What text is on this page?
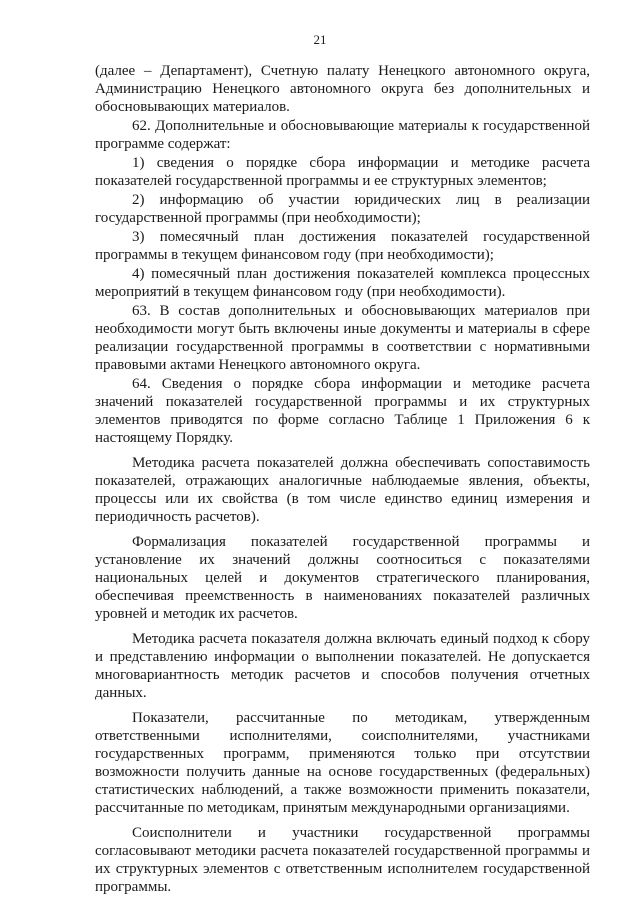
21

(далее – Департамент), Счетную палату Ненецкого автономного округа, Администрацию Ненецкого автономного округа без дополнительных и обосновывающих материалов.

62. Дополнительные и обосновывающие материалы к государственной программе содержат:

1) сведения о порядке сбора информации и методике расчета показателей государственной программы и ее структурных элементов;

2) информацию об участии юридических лиц в реализации государственной программы (при необходимости);

3) помесячный план достижения показателей государственной программы в текущем финансовом году (при необходимости);

4) помесячный план достижения показателей комплекса процессных мероприятий в текущем финансовом году (при необходимости).

63. В состав дополнительных и обосновывающих материалов при необходимости могут быть включены иные документы и материалы в сфере реализации государственной программы в соответствии с нормативными правовыми актами Ненецкого автономного округа.

64. Сведения о порядке сбора информации и методике расчета значений показателей государственной программы и их структурных элементов приводятся по форме согласно Таблице 1 Приложения 6 к настоящему Порядку.

Методика расчета показателей должна обеспечивать сопоставимость показателей, отражающих аналогичные наблюдаемые явления, объекты, процессы или их свойства (в том числе единство единиц измерения и периодичность расчетов).

Формализация показателей государственной программы и установление их значений должны соотноситься с показателями национальных целей и документов стратегического планирования, обеспечивая преемственность в наименованиях показателей различных уровней и методик их расчетов.

Методика расчета показателя должна включать единый подход к сбору и представлению информации о выполнении показателей. Не допускается многовариантность методик расчетов и способов получения отчетных данных.

Показатели, рассчитанные по методикам, утвержденным ответственными исполнителями, соисполнителями, участниками государственных программ, применяются только при отсутствии возможности получить данные на основе государственных (федеральных) статистических наблюдений, а также возможности применить показатели, рассчитанные по методикам, принятым международными организациями.

Соисполнители и участники государственной программы согласовывают методики расчета показателей государственной программы и их структурных элементов с ответственным исполнителем государственной программы.
